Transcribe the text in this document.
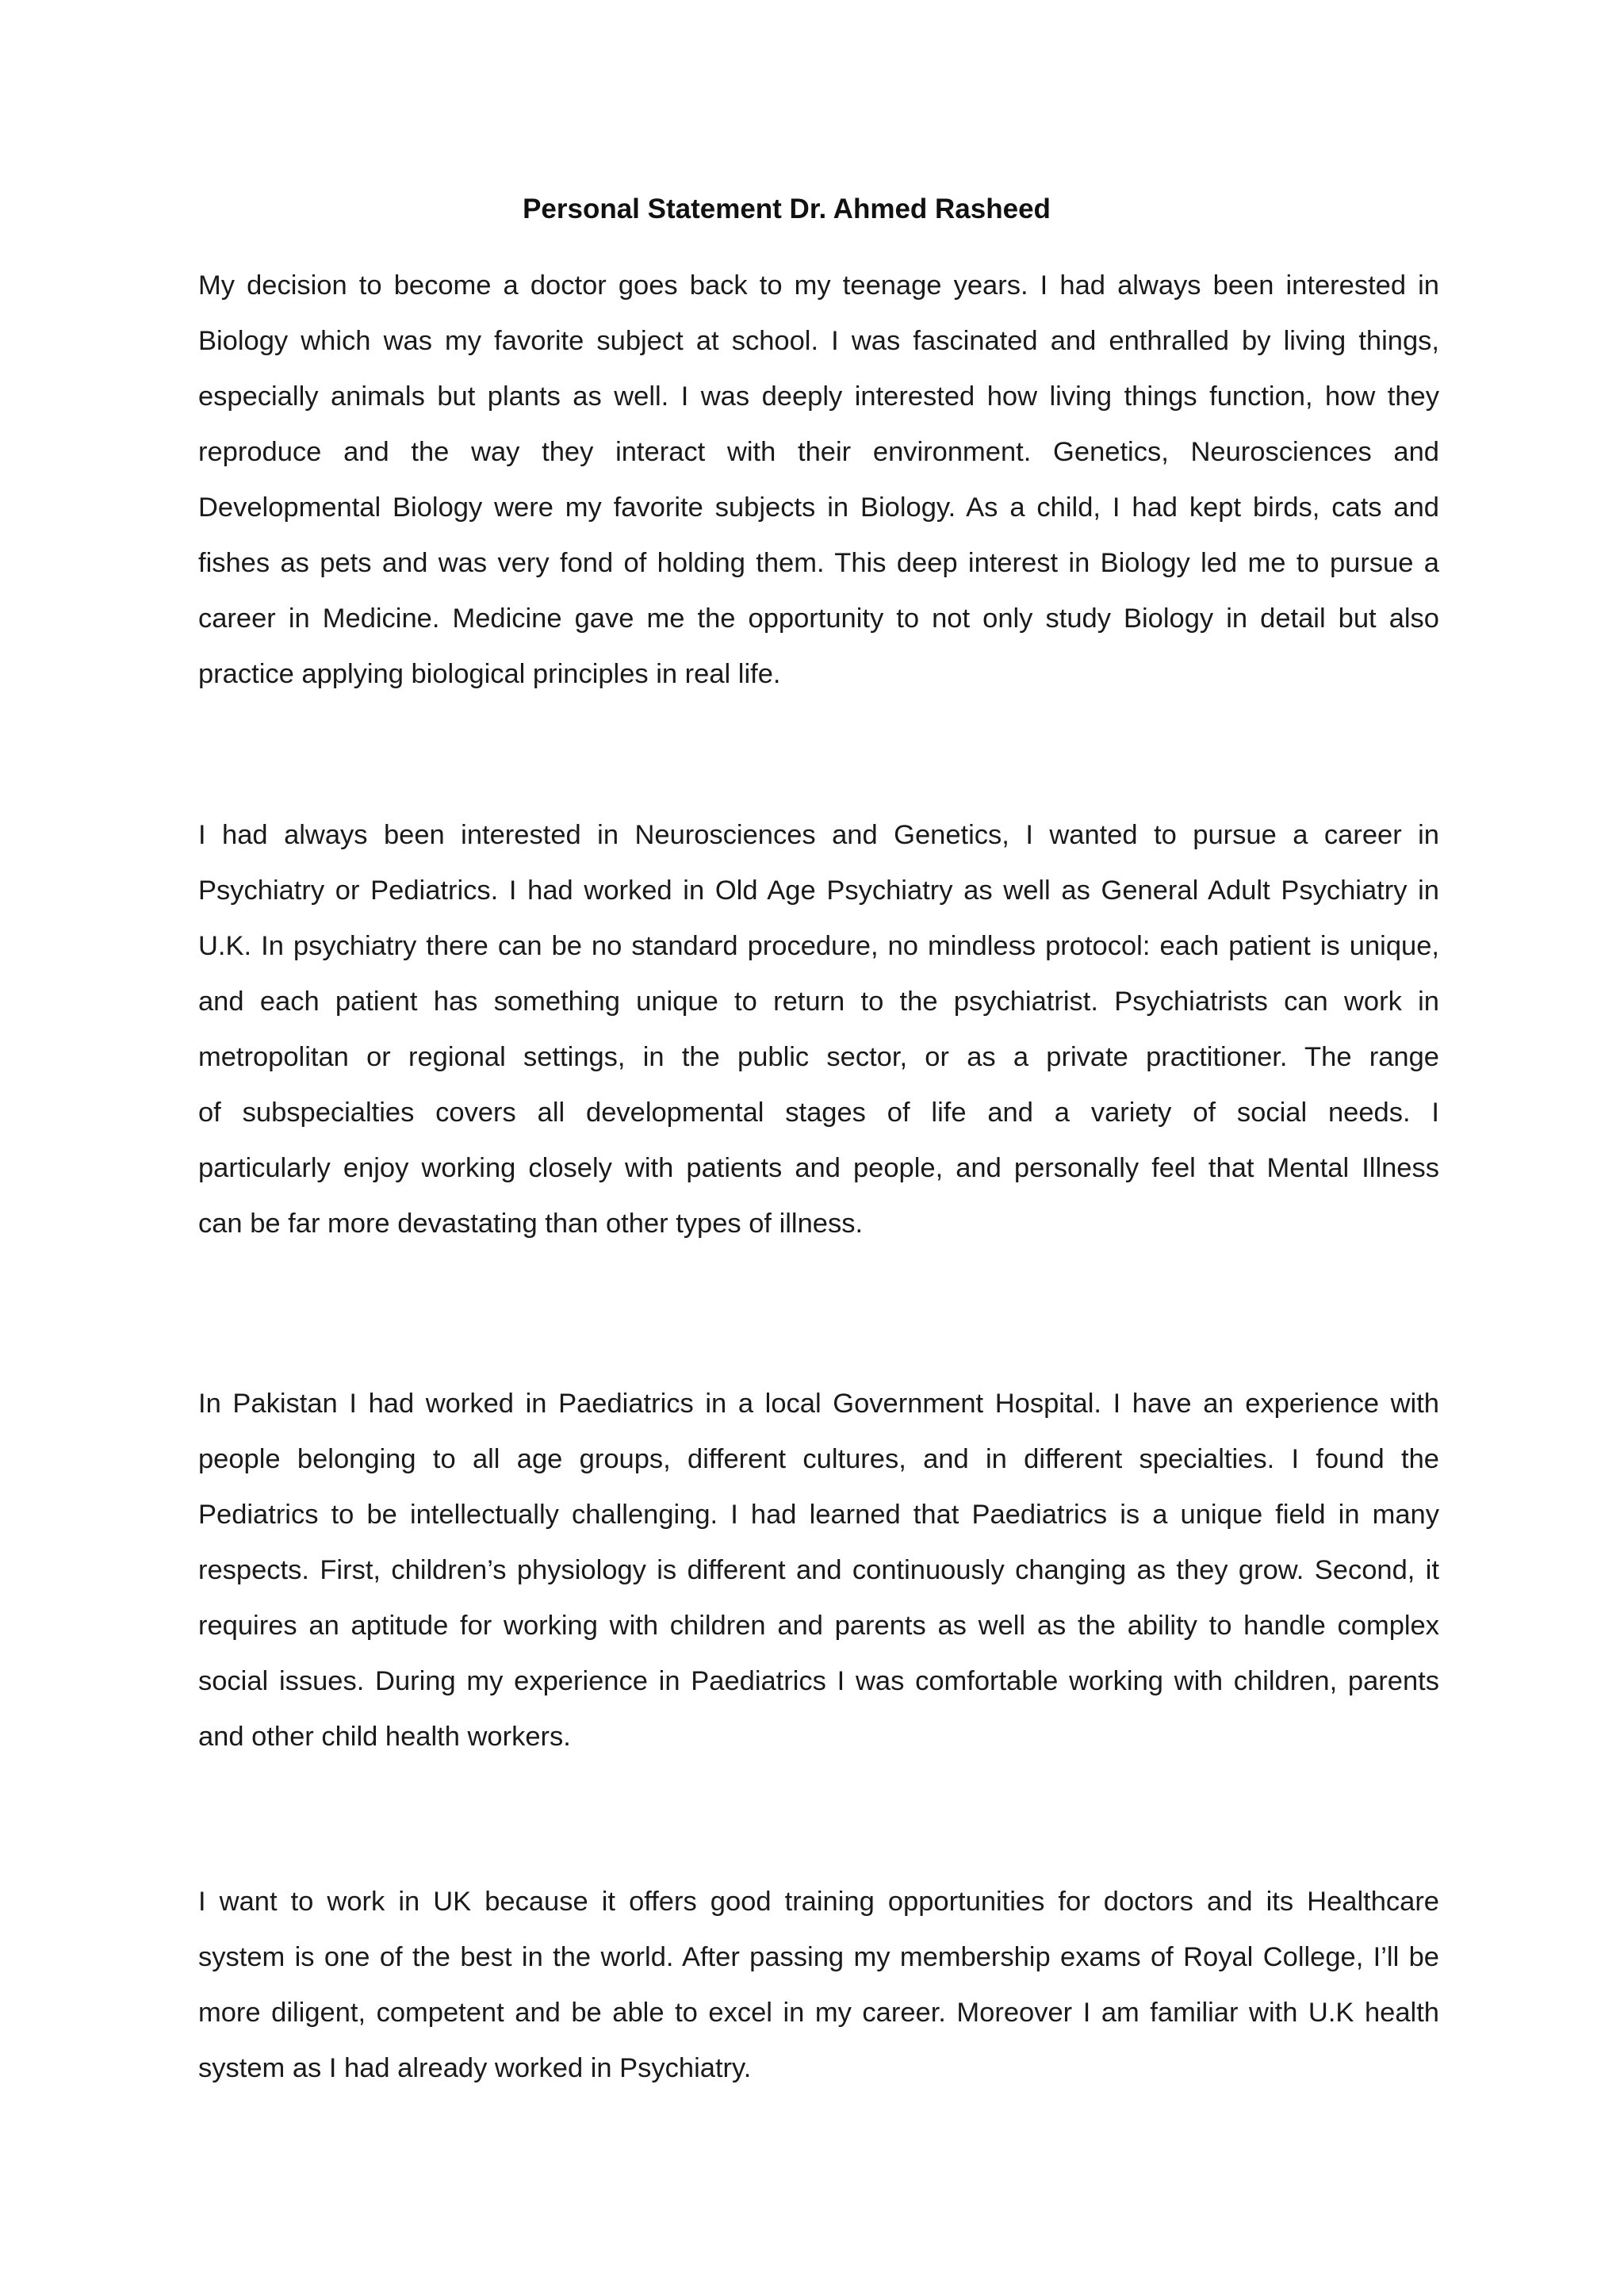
Personal Statement Dr. Ahmed Rasheed
My decision to become a doctor goes back to my teenage years. I had always been interested in
Biology which was my favorite subject at school. I was fascinated and enthralled by living things,
especially animals but plants as well. I was deeply interested how living things function, how they
reproduce and the way they interact with their environment. Genetics, Neurosciences and
Developmental Biology were my favorite subjects in Biology. As a child, I had kept birds, cats and
fishes as pets and was very fond of holding them. This deep interest in Biology led me to pursue a
career in Medicine. Medicine gave me the opportunity to not only study Biology in detail but also
practice applying biological principles in real life.
I had always been interested in Neurosciences and Genetics, I wanted to pursue a career in
Psychiatry or Pediatrics. I had worked in Old Age Psychiatry as well as General Adult Psychiatry in
U.K. In psychiatry there can be no standard procedure, no mindless protocol: each patient is unique,
and each patient has something unique to return to the psychiatrist. Psychiatrists can work in
metropolitan or regional settings, in the public sector, or as a private practitioner. The range
of subspecialties covers all developmental stages of life and a variety of social needs. I
particularly enjoy working closely with patients and people, and personally feel that Mental Illness
can be far more devastating than other types of illness.
In Pakistan I had worked in Paediatrics in a local Government Hospital. I have an experience with
people belonging to all age groups, different cultures, and in different specialties. I found the
Pediatrics to be intellectually challenging. I had learned that Paediatrics is a unique field in many
respects. First, children’s physiology is different and continuously changing as they grow. Second, it
requires an aptitude for working with children and parents as well as the ability to handle complex
social issues. During my experience in Paediatrics I was comfortable working with children, parents
and other child health workers.
I want to work in UK because it offers good training opportunities for doctors and its Healthcare
system is one of the best in the world. After passing my membership exams of Royal College, I’ll be
more diligent, competent and be able to excel in my career. Moreover I am familiar with U.K health
system as I had already worked in Psychiatry.
